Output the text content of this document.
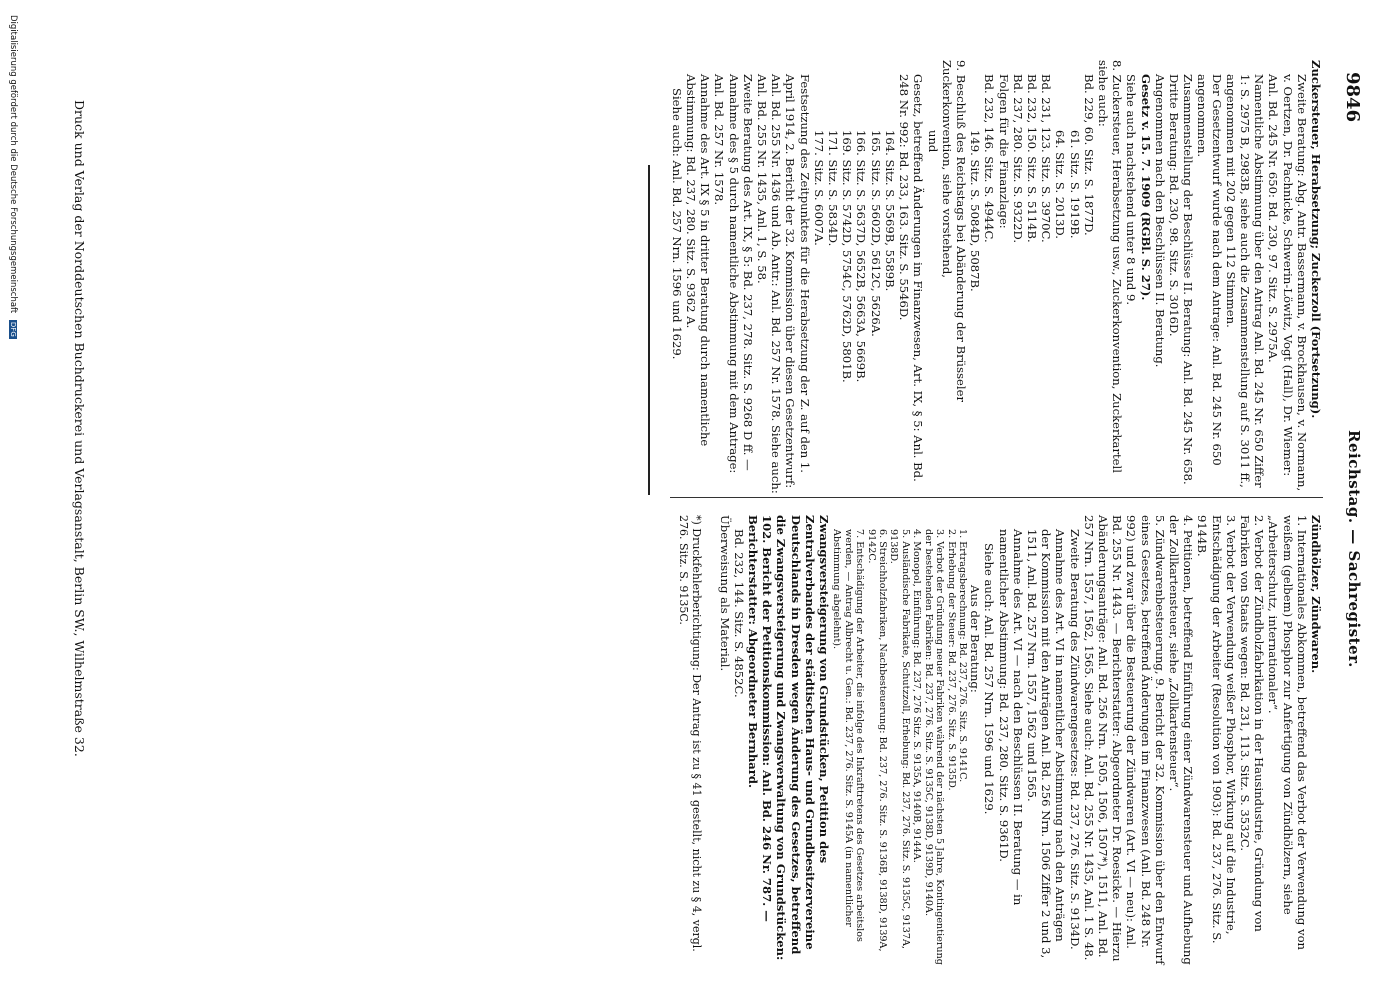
9846
Reichstag. — Sachregister.
Zuckersteuer, Herabsetzung; Zuckerzoll (Fortsetzung).
Zweite Beratung: Abg. Antr. Bassermann, v. Brockhausen, v. Normann, v. Oertzen, Dr. Pachnicke, Schwerin-Löwitz, Vogt (Hall), Dr. Wiemer: Anl. Bd. 245 Nr. 650: Bd. 230, 97. Sitz. S. 2975A.
Namentliche Abstimmung über den Antrag Anl. Bd. 245 Nr. 650 Ziffer 1: S. 2975 B, 2983B, siehe auch die Zusammenstellung auf S. 3011 ff., angenommen mit 202 gegen 112 Stimmen.
Der Gesetzentwurf wurde nach dem Antrage: Anl. Bd. 245 Nr. 650 angenommen.
Zusammenstellung der Beschlüsse II. Beratung: Anl. Bd. 245 Nr. 658.
Dritte Beratung: Bd. 230, 98. Sitz. S. 3016D.
Angenommen nach den Beschlüssen II. Beratung.
Gesetz v. 15. 7. 1909 (RGBl. S. 27).
Siehe auch nachstehend unter 8 und 9.
8. Zuckersteuer, Herabsetzung usw., Zuckerkonvention, Zuckerkartell siehe auch:
Bd. 229, 60. Sitz. S. 1877D.
61. Sitz. S. 1919B.
64. Sitz. S. 2013D.
Bd. 231, 123. Sitz. S. 3970C.
Bd. 232, 150. Sitz. S. 5114B.
Bd. 237, 280. Sitz. S. 9322D.
Folgen für die Finanzlage:
Bd. 232, 146. Sitz. S. 4944C.
149. Sitz. S. 5084D, 5087B.
9. Beschluß des Reichstags bei Abänderung der Brüsseler Zuckerkonvention, siehe vorstehend,
und
Gesetz, betreffend Änderungen im Finanzwesen, Art. IX, § 5: Anl. Bd. 248 Nr. 992: Bd. 233, 163. Sitz. S. 5546D.
164. Sitz. S. 5569B, 5589B.
165. Sitz. S. 5602D, 5612C, 5626A.
166. Sitz. S. 5637D, 5652B, 5663A, 5669B.
169. Sitz. S. 5742D, 5754C, 5762D, 5801B.
171. Sitz. S. 5834D.
177. Sitz. S. 6007A.
Festsetzung des Zeitpunktes für die Herabsetzung der Z. auf den 1. April 1914, 2. Bericht der 32. Kommission über diesen Gesetzentwurf: Anl. Bd. 255 Nr. 1436 und Ab. Antr.: Anl. Bd. 257 Nr. 1578. Siehe auch: Anl. Bd. 255 Nr. 1435, Anl. 1, S. 58.
Zweite Beratung des Art. IX, § 5: Bd. 237, 278. Sitz. S. 9268 D ff. — Annahme des § 5 durch namentliche Abstimmung mit dem Antrage: Anl. Bd. 257 Nr. 1578.
Annahme des Art. IX § 5 in dritter Beratung durch namentliche Abstimmung: Bd. 237, 280. Sitz. S. 9362 A.
Siehe auch: Anl. Bd. 257 Nrn. 1596 und 1629.
Zündhölzer, Zündwaren.
1. Internationales Abkommen, betreffend das Verbot der Verwendung von weißem (gelbem) Phosphor zur Anfertigung von Zündhölzern, siehe „Arbeiterschutz, internationaler“.
2. Verbot der Zündholzfabrikation in der Hausindustrie, Gründung von Fabriken von Staats wegen: Bd. 231, 113. Sitz. S. 3532C.
3. Verbot der Verwendung weißer Phosphor, Wirkung auf die Industrie, Entschädigung der Arbeiter (Resolution von 1903): Bd. 237, 276. Sitz. S. 9144B.
4. Petitionen, betreffend Einführung einer Zündwarensteuer und Aufhebung der Zollkartensteuer, siehe „Zollkartensteuer“.
5. Zündwarenbesteuerung, 9. Bericht der 32. Kommission über den Entwurf eines Gesetzes, betreffend Änderungen im Finanzwesen (Anl. Bd. 248 Nr. 992) und zwar über die Besteuerung der Zündwaren (Art. VI — neu): Anl. Bd. 255 Nr. 1443. — Berichterstatter: Abgeordneter Dr. Roesicke. — Hierzu Abänderungsanträge: Anl. Bd. 256 Nrn. 1505, 1506, 1507*), 1511, Anl. Bd. 257 Nrn. 1557, 1562, 1565. Siehe auch: Anl. Bd. 255 Nr. 1435, Anl. 1 S. 48.
Zweite Beratung des Zündwarengesetzes: Bd. 237, 276. Sitz. S. 9134D.
Annahme des Art. VI in namentlicher Abstimmung nach den Anträgen der Kommission mit den Anträgen Anl. Bd. 256 Nrn. 1506 Ziffer 2 und 3, 1511, Anl. Bd. 257 Nrn. 1557, 1562 und 1565.
Annahme des Art. VI — nach den Beschlüssen II. Beratung — in namentlicher Abstimmung: Bd. 237, 280. Sitz. S. 9361D.
Siehe auch: Anl. Bd. 257 Nrn. 1596 und 1629.
Aus der Beratung:
1. Ertragsberechnung: Bd. 237, 276. Sitz. S. 9141C.
2. Erhebung der Steuer: Bd. 237, 276. Sitz. S. 9135D.
3. Verbot der Gründung neuer Fabriken während der nächsten 5 Jahre, Kontingentierung der bestehenden Fabriken: Bd. 237, 276. Sitz. S. 9135C, 9138D, 9139D, 9140A.
4. Monopol, Einführung: Bd. 237, 276 Sitz. S. 9135A, 9140B, 9144A.
5. Ausländische Fabrikate, Schutzzoll, Erhebung: Bd. 237, 276. Sitz. S. 9135C, 9137A, 9138D.
6. Streichholzfabriken, Nachbesteuerung: Bd. 237, 276. Sitz. S. 9136B, 9138D, 9139A, 9142C.
7. Entschädigung der Arbeiter, die infolge des Inkrafttretens des Gesetzes arbeitslos werden, — Antrag Albrecht u. Gen.: Bd. 237, 276. Sitz. S. 9145A (in namentlicher Abstimmung abgelehnt).
Zwangsversteigerung von Grundstücken, Petition des Zentralverbandes der städtischen Haus- und Grundbesitzervereine Deutschlands in Dresden wegen Änderung des Gesetzes, betreffend die Zwangsversteigerung und Zwangsverwaltung von Grundstücken: 102. Bericht der Petitionskommission: Anl. Bd. 246 Nr. 787. — Berichterstatter: Abgeordneter Bernhard.
Bd. 232, 144. Sitz. S. 4852C.
Überweisung als Material.
*) Druckfehlerberichtigung: Der Antrag ist zu § 41 gestellt, nicht zu § 4, vergl. 276. Sitz. S. 9135C.
Druck und Verlag der Norddeutschen Buchdruckerei und Verlagsanstalt, Berlin SW., Wilhelmstraße 32.
Digitalisierung gefördert durch die Deutsche Forschungsgemeinschaft DFG
